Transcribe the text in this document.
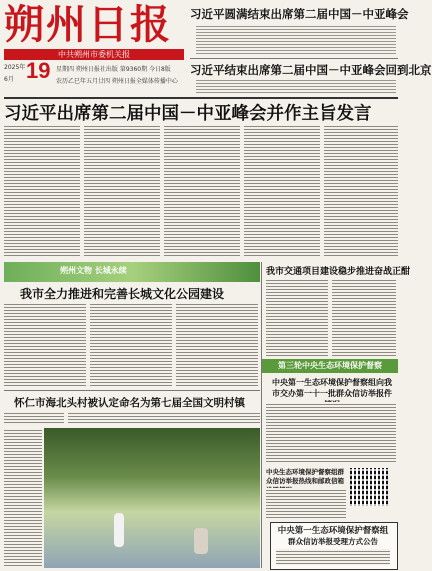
朔州日报
中共朔州市委机关报
2025年 19
6月
星期四 朔州日报社出版 第9360期 今日8版
农历乙巳年五月廿四 朔州日报全媒体传播中心
习近平圆满结束出席第二届中国－中亚峰会
习近平结束出席第二届中国－中亚峰会回到北京
习近平出席第二届中国－中亚峰会并作主旨发言
朔州文物 长城永续
我市全力推进和完善长城文化公园建设
我市交通项目建设稳步推进奋战正酣
第三轮中央生态环境保护督察
中央第一生态环境保护督察组向我市交办第一十一批群众信访举报件
怀仁市海北头村被认定命名为第七届全国文明村镇
中央生态环境保护督察组群众信访举报热线和邮政信箱
中央第一生态环境保护督察组
群众信访举报受理方式公告
